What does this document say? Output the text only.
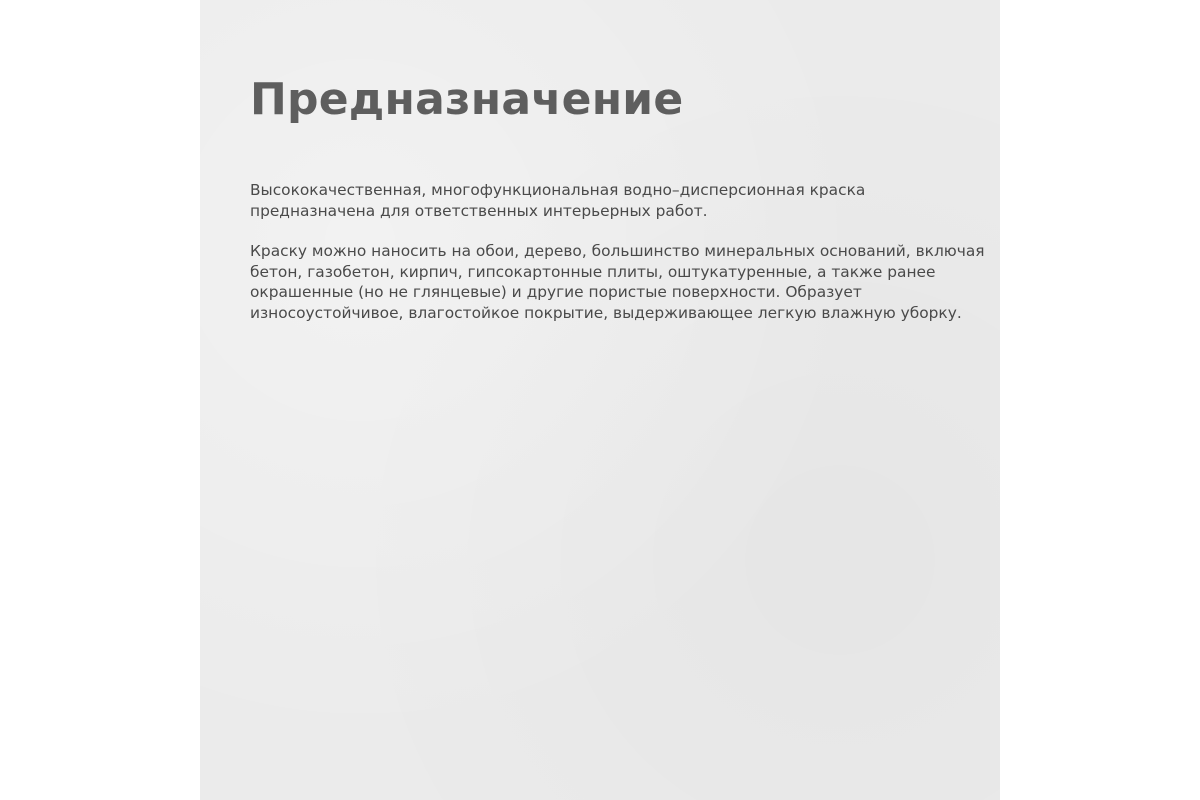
Предназначение

Высококачественная, многофункциональная водно–дисперсионная краска предназначена для ответственных интерьерных работ.

Краску можно наносить на обои, дерево, большинство минеральных оснований, включая бетон, газобетон, кирпич, гипсокартонные плиты, оштукатуренные, а также ранее окрашенные (но не глянцевые) и другие пористые поверхности. Образует износоустойчивое, влагостойкое покрытие, выдерживающее легкую влажную уборку.
